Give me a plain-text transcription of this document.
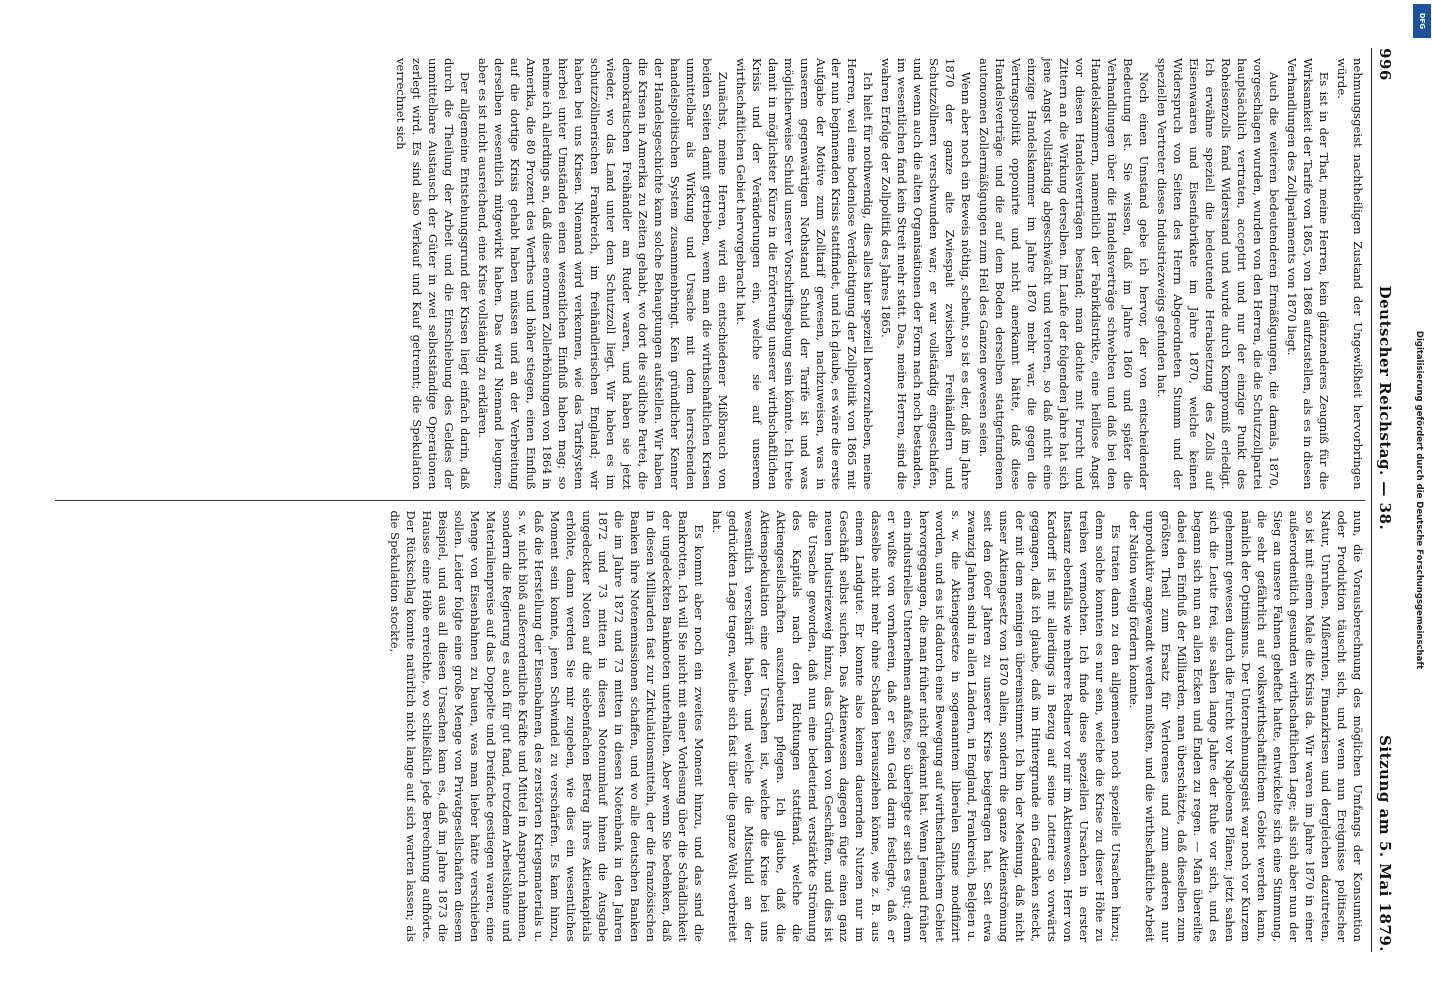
996
Deutscher Reichstag. — 38.
Sitzung am 5. Mai 1879.

nehmungsgeist nachtheiligen Zustand der Ungewißheit hervorbringen würde.

Es ist in der That, meine Herren, kein glänzenderes Zeugniß für die Wirksamkeit der Tarife von 1865, von 1868 aufzustellen, als es in diesen Verhandlungen des Zollparlaments von 1870 liegt.

Auch die weiteren bedeutenderen Ermäßigungen, die damals, 1870, vorgeschlagen wurden, wurden von den Herren, die die Schutzzollpartei hauptsächlich vertraten, acceptirt und nur der einzige Punkt des Roheisenzolls fand Widerstand und wurde durch Kompromiß erledigt. Ich erwähne speziell die bedeutende Herabsetzung des Zolls auf Eisenwaaren und Eisenfabrikate im Jahre 1870, welche keinen Widerspruch von Seiten des Herrn Abgeordneten Stumm und der speziellen Vertreter dieses Industriezweigs gefunden hat.

Noch einen Umstand gebe ich hervor, der von entscheidender Bedeutung ist. Sie wissen, daß im Jahre 1860 und später die Verhandlungen über die Handelsverträge schwebten und daß bei den Handelskammern, namentlich der Fabrikdistrikte, eine heillose Angst vor diesen Handelsverträgen bestand; man dachte mit Furcht und Zittern an die Wirkung derselben. Im Laufe der folgenden Jahre hat sich jene Angst vollständig abgeschwächt und verloren, so daß nicht eine einzige Handelskammer im Jahre 1870 mehr war, die gegen die Vertragspolitik opponirte und nicht anerkannt hätte, daß diese Handelsverträge und die auf dem Boden derselben stattgefundenen autonomen Zollermäßigungen zum Heil des Ganzen gewesen seien.

Wenn aber noch ein Beweis nöthig, scheint, so ist es der, daß im Jahre 1870 der ganze alte Zwiespalt zwischen Freihändlern und Schutzzöllnern verschwunden war; er war vollständig eingeschlafen, und wenn auch die alten Organisationen der Form nach noch bestanden, im wesentlichen fand kein Streit mehr statt. Das, meine Herren, sind die wahren Erfolge der Zollpolitik des Jahres 1865.

Ich hielt für nothwendig, dies alles hier speziell hervorzuheben, meine Herren, weil eine bodenlose Verdächtigung der Zollpolitik von 1865 mit der nun beginnenden Krisis stattfindet, und ich glaube, es wäre die erste Aufgabe der Motive zum Zolltarif gewesen, nachzuweisen, was in unserem gegenwärtigen Nothstand Schuld der Tarife ist und was möglicherweise Schuld unserer Vorschriftsgebung sein könnte. Ich trete damit in möglichster Kürze in die Erörterung unserer wirthschaftlichen Krisis und der Veränderungen ein, welche sie auf unserem wirthschaftlichen Gebiet hervorgebracht hat.

Zunächst, meine Herren, wird ein entschiedener Mißbrauch von beiden Seiten damit getrieben, wenn man die wirthschaftlichen Krisen unmittelbar als Wirkung und Ursache mit dem herrschenden handelspolitischen System zusammenbringt. Kein gründlicher Kenner der Handelsgeschichte kann solche Behauptungen aufstellen. Wir haben die Krisen in Amerika zu Zeiten gehabt, wo dort die südliche Partei, die demokratischen Freihändler am Ruder waren, und haben sie jetzt wieder, wo das Land unter dem Schutzzoll liegt. Wir haben es im schutzzöllnerischen Frankreich, im freihändlerischen England; wir haben bei uns Krisen. Niemand wird verkennen, wie das Tarifsystem hierbei unter Umständen einen wesentlichen Einfluß haben mag; so nehme ich allerdings an, daß diese enormen Zollerhöhungen von 1864 in Amerika, die 80 Prozent des Werthes und höher stiegen, einen Einfluß auf die dortige Krisis gehabt haben müssen und an der Verbreitung derselben wesentlich mitgewirkt haben. Das wird Niemand leugnen; aber es ist nicht ausreichend, eine Krise vollständig zu erklären.

Der allgemeine Entstehungsgrund der Krisen liegt einfach darin, daß durch die Theilung der Arbeit und die Einschiebung des Geldes der unmittelbare Austausch der Güter in zwei selbstständige Operationen zerlegt wird. Es sind also Verkauf und Kauf getrennt; die Spekulation verrechnet sich

nun, die Vorausberechnung des möglichen Umfangs der Konsumtion oder Produktion täuscht sich, und wenn nun Ereignisse politischer Natur, Unruhen, Mißernten, Finanzkrisen und dergleichen dazutreten, so ist mit einem Male die Krisis da. Wir waren im Jahre 1870 in einer außerordentlich gesunden wirthschaftlichen Lage; als sich aber nun der Sieg an unsere Fahnen geheftet hatte, entwickelte sich eine Stimmung, die sehr gefährlich auf volkswirthschaftlichem Gebiet werden kann, nämlich der Optimismus. Der Unternehmungsgeist war noch vor Kurzem gehemmt gewesen durch die Furcht vor Napoleons Plänen; jetzt sahen sich die Leute frei, sie sahen lange Jahre der Ruhe vor sich, und es begann sich nun an allen Ecken und Enden zu regen. — Man übereilte dabei den Einfluß der Milliarden, man überschätzte, daß dieselben zum größten Theil zum Ersatz für Verlorenes und zum anderen nur unproduktiv angewandt werden mußten, und die wirthschaftliche Arbeit der Nation wenig fördern konnte.

Es traten dann zu den allgemeinen noch spezielle Ursachen hinzu; denn solche konnten es nur sein, welche die Krise zu dieser Höhe zu treiben vermochten. Ich finde diese speziellen Ursachen in erster Instanz ebenfalls wie mehrere Redner vor mir im Aktienwesen. Herr von Kardorff ist mit allerdings in Bezug auf seine Lotterie so vorwärts gegangen, daß ich glaube, daß im Hintergrunde ein Gedanken steckt, der mit dem meinigen übereinstimmt. Ich bin der Meinung, daß nicht unser Aktiengesetz von 1870 allein, sondern die ganze Aktienströmung seit den 60er Jahren zu unserer Krise beigetragen hat. Seit etwa zwanzig Jahren sind in allen Ländern, in England, Frankreich, Belgien u. s. w. die Aktiengesetze in sogenanntem liberalen Sinne modifizirt worden, und es ist dadurch eine Bewegung auf wirthschaftlichem Gebiet hervorgegangen, die man früher nicht gekannt hat. Wenn Jemand früher ein industrielles Unternehmen anfaßte, so überlegte er sich es gut; denn er wußte von vornherein, daß er sein Geld darin festlegte, daß er dasselbe nicht mehr ohne Schaden herausziehen könne, wie z. B. aus einem Landgute. Er konnte also keinen dauernden Nutzen nur im Geschäft selbst suchen. Das Aktienwesen dagegen fügte einen ganz neuen Industriezweig hinzu, das Gründen von Geschäften, und dies ist die Ursache geworden, daß nun eine bedeutend verstärkte Strömung des Kapitals nach den Richtungen stattfand, welche die Aktiengesellschaften auszubeuten pflegen. Ich glaube, daß die Aktienspekulation eine der Ursachen ist, welche die Krise bei uns wesentlich verschärft haben, und welche die Mitschuld an der gedrückten Lage tragen, welche sich fast über die ganze Welt verbreitet hat.

Es kommt aber noch ein zweites Moment hinzu, und das sind die Bankrotten. Ich will Sie nicht mit einer Vorlesung über die Schädlichkeit der ungedeckten Banknoten unterhalten. Aber wenn Sie bedenken, daß in diesen Milliarden fast zur Zirkulationsmitteln, der die französischen Banken ihre Notenemissionen schaffen, und wo alle deutschen Banken die im Jahre 1872 und 73 mitten in diesen Notenbank in den Jahren 1872 und 73 mitten in diesen Notenumlauf hinein die Ausgabe ungedeckter Noten auf die siebenfachen Betrag ihres Aktienkapitals erhöhte, dann werden Sie mir zugeben, wie dies ein wesentliches Moment sein konnte, jenen Schwindel zu verschärfen. Es kam hinzu, daß die Herstellung der Eisenbahnen, des zerstörten Kriegsmaterials u. s. w. nicht bloß außerordentliche Kräfte und Mittel in Anspruch nahmen, sondern die Regierung es auch für gut fand, trotzdem Arbeitslöhne und Materialienpreise auf das Doppelte und Dreifache gestiegen waren, eine Menge von Eisenbahnen zu bauen, was man lieber hätte verschieben sollen. Leider folgte eine große Menge von Privatgesellschaften diesem Beispiel, und aus all diesen Ursachen kam es, daß im Jahre 1873 die Hausse eine Höhe erreichte, wo schließlich jede Berechnung aufhörte. Der Rückschlag konnte natürlich nicht lange auf sich warten lassen; als die Spekulation stockte,

DFG
Digitalisierung gefördert durch die Deutsche Forschungsgemeinschaft
